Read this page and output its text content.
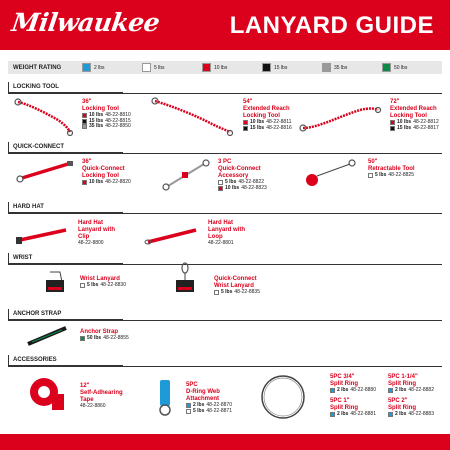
Milwaukee	LANYARD GUIDE
WEIGHT RATING	2 lbs	5 lbs	10 lbs	15 lbs	35 lbs	50 lbs
LOCKING TOOL
36"
Locking Tool
10 lbs 48-22-8810
15 lbs 48-22-8815
35 lbs 48-22-8850
54"
Extended Reach
Locking Tool
10 lbs 48-22-8811
15 lbs 48-22-8816
72"
Extended Reach
Locking Tool
10 lbs 48-22-8812
15 lbs 48-22-8817
QUICK-CONNECT
36"
Quick-Connect
Locking Tool
10 lbs 48-22-8820
3 PC
Quick-Connect
Accessory
5 lbs 48-22-8822
10 lbs 48-22-8823
50"
Retractable Tool
5 lbs 48-22-8825
HARD HAT
Hard Hat
Lanyard with
Clip
48-22-8800
Hard Hat
Lanyard with
Loop
48-22-8801
WRIST
Wrist Lanyard
5 lbs 48-22-8830
Quick-Connect
Wrist Lanyard
5 lbs 48-22-8835
ANCHOR STRAP
Anchor Strap
50 lbs 48-22-8855
ACCESSORIES
12"
Self-Adhearing
Tape
48-22-8860
5PC
D-Ring Web
Attachment
2 lbs 48-22-8870
5 lbs 48-22-8871
5PC 3/4"
Split Ring
2 lbs 48-22-8880
5PC 1-1/4"
Split Ring
2 lbs 48-22-8882
5PC 1"
Split Ring
2 lbs 48-22-8881
5PC 2"
Split Ring
2 lbs 48-22-8883
